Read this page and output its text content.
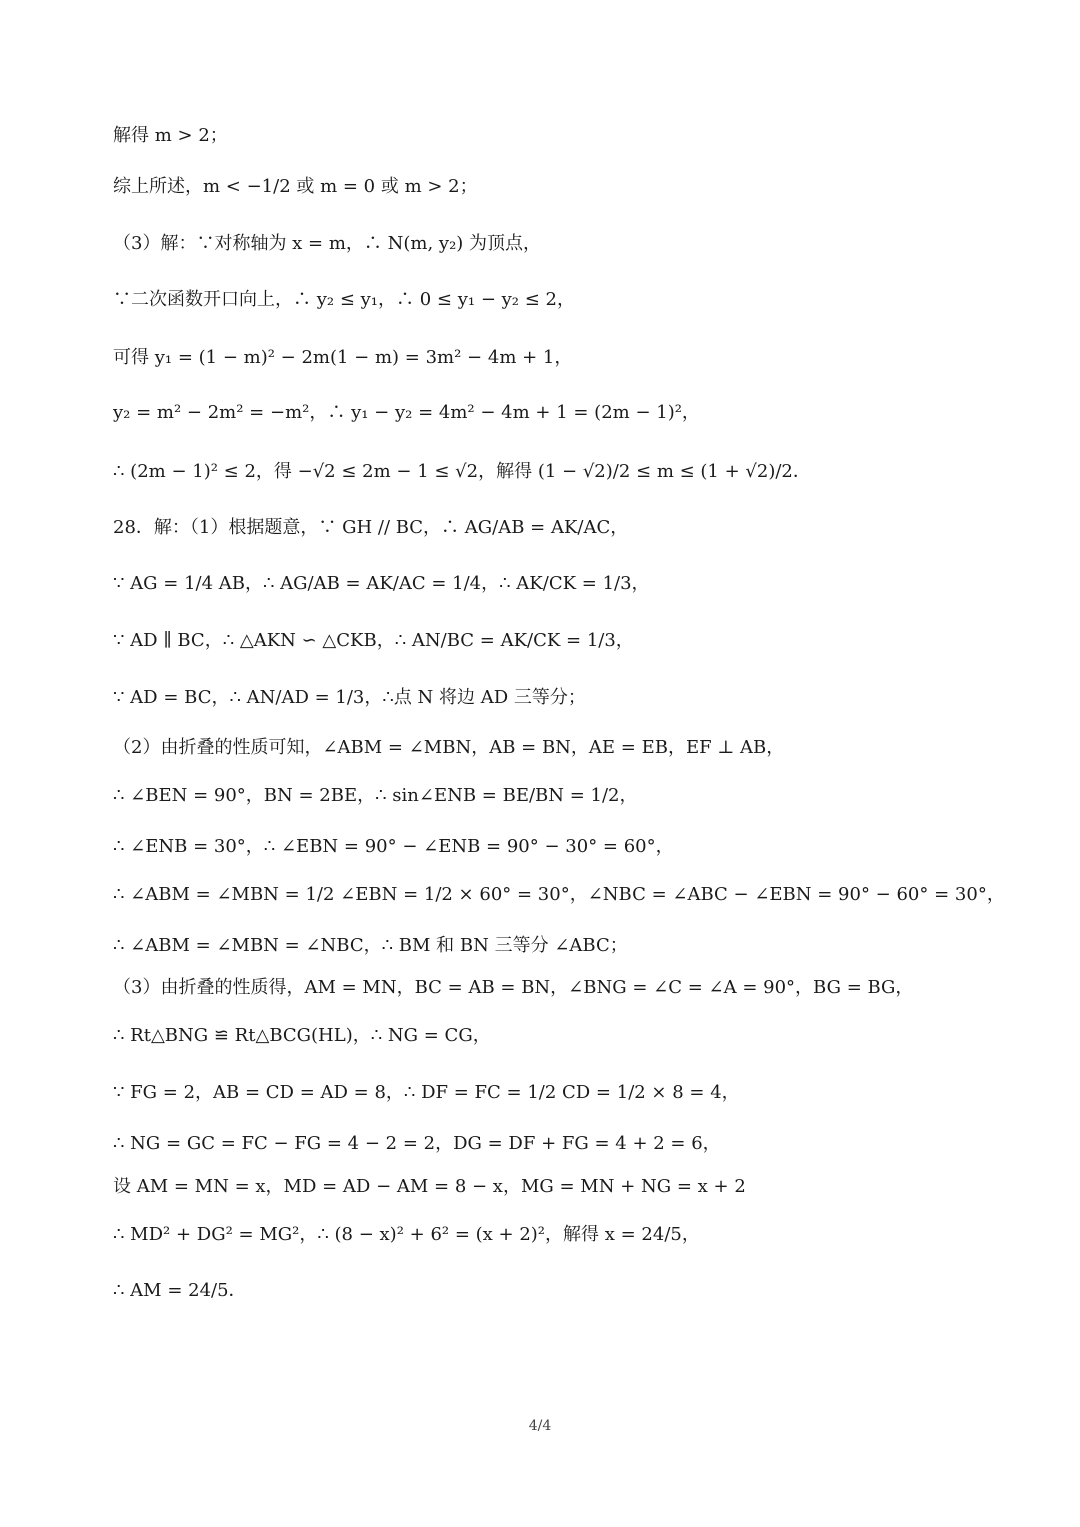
解得 m > 2；
综上所述，m < −1/2 或 m = 0 或 m > 2；
（3）解：∵对称轴为 x = m，∴ N(m, y₂) 为顶点，
∵二次函数开口向上，∴ y₂ ≤ y₁，∴ 0 ≤ y₁ − y₂ ≤ 2，
可得 y₁ = (1 − m)² − 2m(1 − m) = 3m² − 4m + 1，
y₂ = m² − 2m² = −m²，∴ y₁ − y₂ = 4m² − 4m + 1 = (2m − 1)²，
∴ (2m − 1)² ≤ 2，得 −√2 ≤ 2m − 1 ≤ √2，解得 (1 − √2)/2 ≤ m ≤ (1 + √2)/2．
28．解：（1）根据题意，∵ GH // BC，∴ AG/AB = AK/AC，
∵ AG = 1/4 AB，∴ AG/AB = AK/AC = 1/4，∴ AK/CK = 1/3，
∵ AD ∥ BC，∴ △AKN ∽ △CKB，∴ AN/BC = AK/CK = 1/3，
∵ AD = BC，∴ AN/AD = 1/3，∴点 N 将边 AD 三等分；
（2）由折叠的性质可知，∠ABM = ∠MBN，AB = BN，AE = EB，EF ⊥ AB，
∴ ∠BEN = 90°，BN = 2BE，∴ sin∠ENB = BE/BN = 1/2，
∴ ∠ENB = 30°，∴ ∠EBN = 90° − ∠ENB = 90° − 30° = 60°，
∴ ∠ABM = ∠MBN = 1/2 ∠EBN = 1/2 × 60° = 30°，∠NBC = ∠ABC − ∠EBN = 90° − 60° = 30°，
∴ ∠ABM = ∠MBN = ∠NBC，∴ BM 和 BN 三等分 ∠ABC；
（3）由折叠的性质得，AM = MN，BC = AB = BN，∠BNG = ∠C = ∠A = 90°，BG = BG，
∴ Rt△BNG ≌ Rt△BCG(HL)，∴ NG = CG，
∵ FG = 2，AB = CD = AD = 8，∴ DF = FC = 1/2 CD = 1/2 × 8 = 4，
∴ NG = GC = FC − FG = 4 − 2 = 2，DG = DF + FG = 4 + 2 = 6，
设 AM = MN = x，MD = AD − AM = 8 − x，MG = MN + NG = x + 2
∴ MD² + DG² = MG²，∴ (8 − x)² + 6² = (x + 2)²，解得 x = 24/5，
∴ AM = 24/5．
4/4
